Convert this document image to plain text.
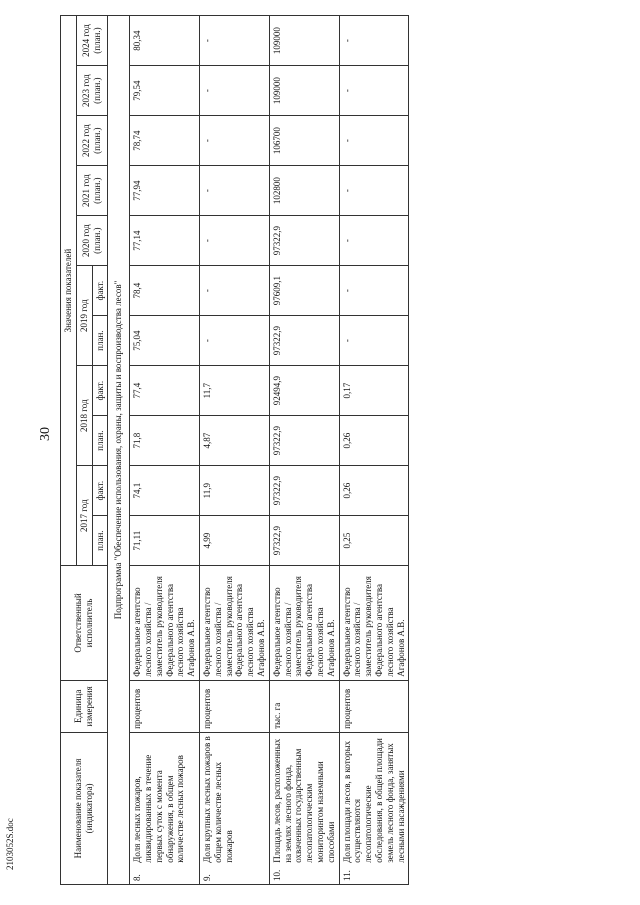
30
2103052S.doc	Наименование показателя (индикатора)		Единица измерения	Ответственный исполнитель	Значения показателей										
				2017 год		2018 год		2019 год		2020 год (план.)	2021 год (план.)	2022 год (план.)	2023 год (план.)	2024 год (план.)
				план.	факт.	план.	факт.	план.	факт.					
Подпрограмма "Обеспечение использования, охраны, защиты и воспроизводства лесов"														
8.	Доля лесных пожаров, ликвидированных в течение первых суток с момента обнаружения, в общем количестве лесных пожаров	процентов	Федеральное агентство лесного хозяйства / заместитель руководителя Федерального агентства лесного хозяйства Агафонов А.В.	71,11	74,1	71,8	77,4	75,04	78,4	77,14	77,94	78,74	79,54	80,34
9.	Доля крупных лесных пожаров в общем количестве лесных пожаров	процентов	Федеральное агентство лесного хозяйства / заместитель руководителя Федерального агентства лесного хозяйства Агафонов А.В.	4,99	11,9	4,87	11,7	-	-	-	-	-	-	-
10.	Площадь лесов, расположенных на землях лесного фонда, охваченных государственным лесопатологическим мониторингом наземными способами	тыс. га	Федеральное агентство лесного хозяйства / заместитель руководителя Федерального агентства лесного хозяйства Агафонов А.В.	97322,9	97322,9	97322,9	92494,9	97322,9	97609,1	97322,9	102800	106700	109000	109000
11.	Доля площади лесов, в которых осуществляются лесопатологические обследования, в общей площади земель лесного фонда, занятых лесными насаждениями	процентов	Федеральное агентство лесного хозяйства / заместитель руководителя Федерального агентства лесного хозяйства Агафонов А.В.	0,25	0,26	0,26	0,17	-	-	-	-	-	-	-
